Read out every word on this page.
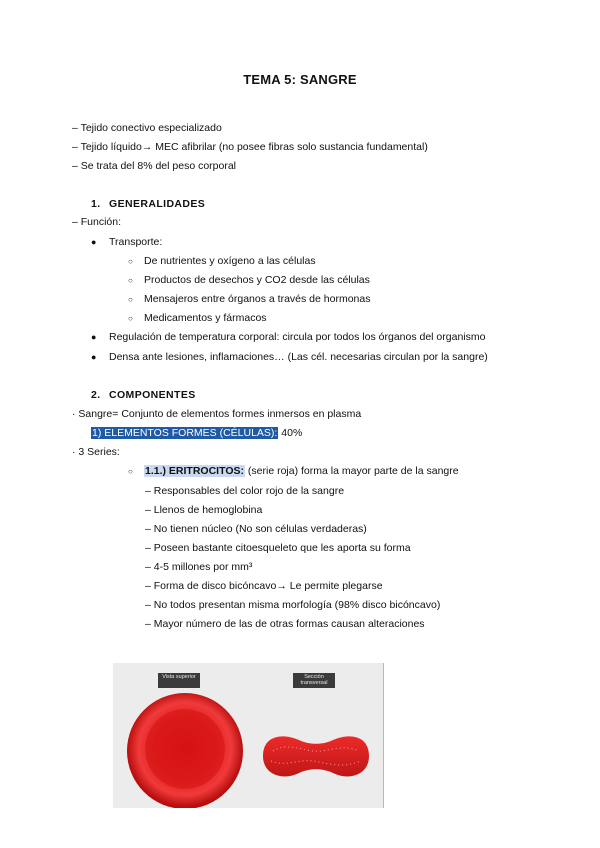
TEMA 5: SANGRE
– Tejido conectivo especializado
– Tejido líquido→ MEC afibrilar (no posee fibras solo sustancia fundamental)
– Se trata del 8% del peso corporal
1. GENERALIDADES
– Función:
● Transporte:
○ De nutrientes y oxígeno a las células
○ Productos de desechos y CO2 desde las células
○ Mensajeros entre órganos a través de hormonas
○ Medicamentos y fármacos
● Regulación de temperatura corporal: circula por todos los órganos del organismo
● Densa ante lesiones, inflamaciones… (Las cél. necesarias circulan por la sangre)
2. COMPONENTES
· Sangre= Conjunto de elementos formes inmersos en plasma
1) ELEMENTOS FORMES (CÉLULAS): 40%
· 3 Series:
○ 1.1.) ERITROCITOS: (serie roja) forma la mayor parte de la sangre
– Responsables del color rojo de la sangre
– Llenos de hemoglobina
– No tienen núcleo (No son células verdaderas)
– Poseen bastante citoesqueleto que les aporta su forma
– 4-5 millones por mm³
– Forma de disco bicóncavo→ Le permite plegarse
– No todos presentan misma morfología (98% disco bicóncavo)
– Mayor número de las de otras formas causan alteraciones
Vista superior	Sección transversal
